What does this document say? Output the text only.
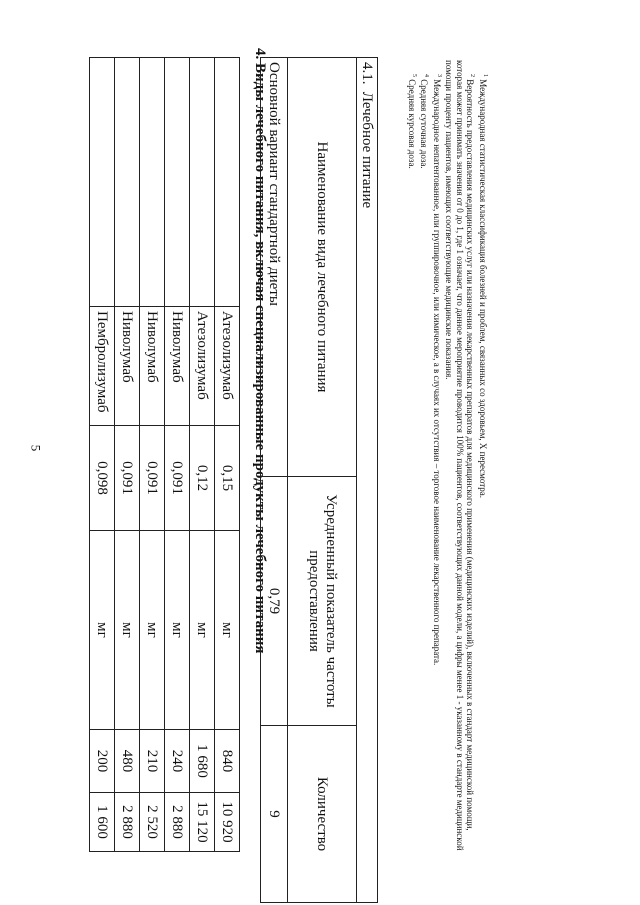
5
	Атезолизумаб	0,15	мг	840	10 920
	Атезолизумаб	0,12	мг	1 680	15 120
	Ниволумаб	0,091	мг	240	2 880
	Ниволумаб	0,091	мг	210	2 520
	Ниволумаб	0,091	мг	480	2 880
	Пембролизумаб	0,098	мг	200	1 600
4. Виды лечебного питания, включая специализированные продукты лечебного питания	4.1. Лечебное питание		
Наименование вида лечебного питания	Усредненный показатель частоты предоставления	Количество
Основной вариант стандартной диеты	0,79	9

$^1$ Международная статистическая классификация болезней и проблем, связанных со здоровьем, X пересмотра.

$^2$ Вероятность предоставления медицинских услуг или назначения лекарственных препаратов для медицинского применения (медицинских изделий), включенных в стандарт медицинской помощи, которая может принимать значения от 0 до 1, где 1 означает, что данное мероприятие проводится 100% пациентов, соответствующих данной модели, а цифры менее 1 - указанному в стандарте медицинской помощи проценту пациентов, имеющих соответствующие медицинские показания.

$^3$ Международное непатентованное, или группировочное, или химическое, а в случаях их отсутствия – торговое наименование лекарственного препарата.

$^4$ Средняя суточная доза.

$^5$ Средняя курсовая доза.
